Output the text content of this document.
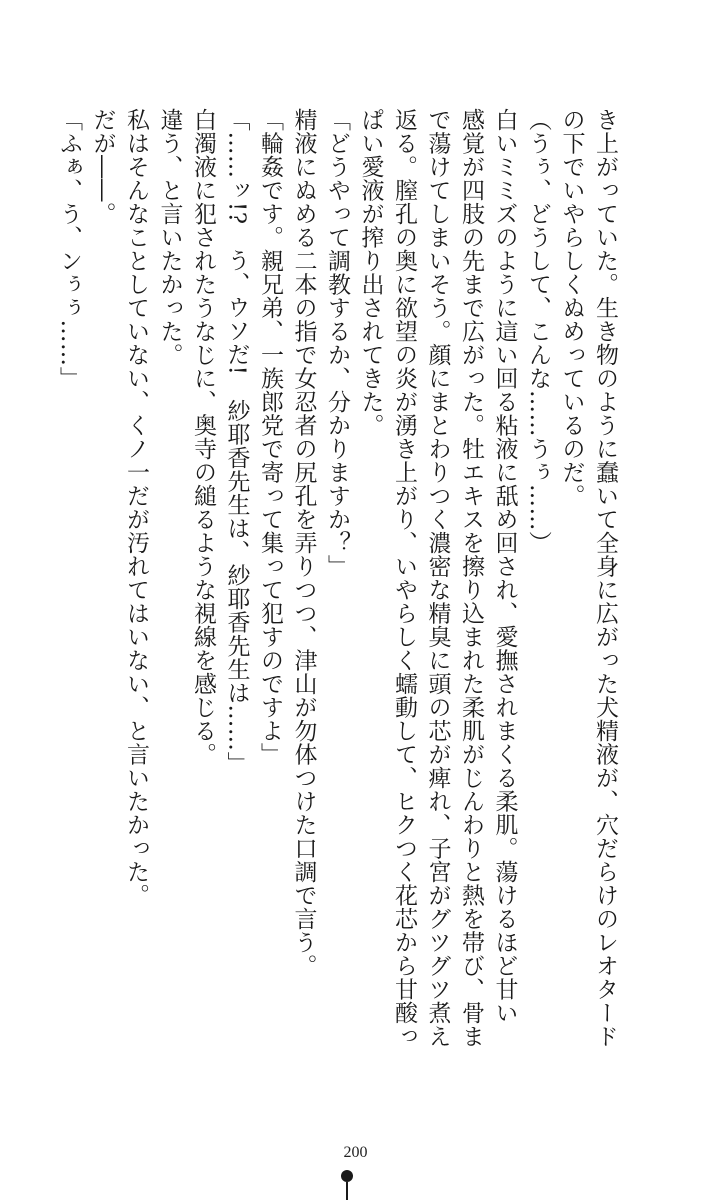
き上がっていた。生き物のように蠢いて全身に広がった犬精液が、穴だらけのレオタード

の下でいやらしくぬめっているのだ。

（うぅ、どうして、こんな……うぅ……）

白いミミズのように這い回る粘液に舐め回され、愛撫されまくる柔肌。蕩けるほど甘い

感覚が四肢の先まで広がった。牡エキスを擦り込まれた柔肌がじんわりと熱を帯び、骨ま

で蕩けてしまいそう。顔にまとわりつく濃密な精臭に頭の芯が痺れ、子宮がグツグツ煮え

返る。膣孔の奥に欲望の炎が湧き上がり、いやらしく蠕動して、ヒクつく花芯から甘酸っ

ぱい愛液が搾り出されてきた。

「どうやって調教するか、分かりますか？」

精液にぬめる二本の指で女忍者の尻孔を弄りつつ、津山が勿体つけた口調で言う。

「輪姦です。親兄弟、一族郎党で寄って集って犯すのですよ」

「……ッ!?　う、ウソだ!　紗耶香先生は、紗耶香先生は……」

白濁液に犯されたうなじに、奥寺の縋るような視線を感じる。

違う、と言いたかった。

私はそんなことしていない、くノ一だが汚れてはいない、と言いたかった。

だが――。

「ふぁ、う、ンぅぅ……」

200
